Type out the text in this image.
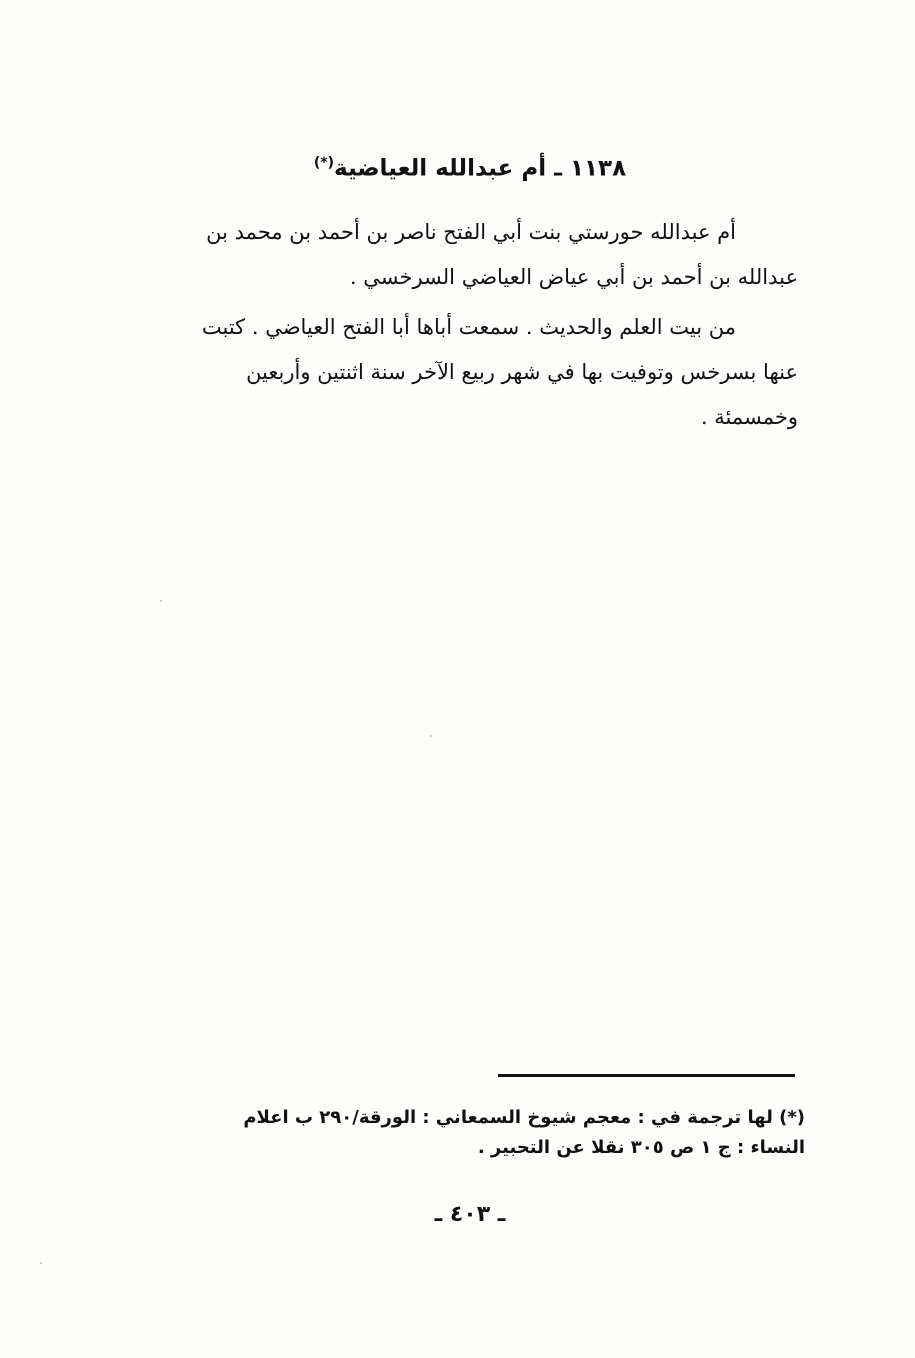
١١٣٨ ـ أم عبدالله العياضية(*)
أم عبدالله حورستي بنت أبي الفتح ناصر بن أحمد بن محمد بن
عبدالله بن أحمد بن أبي عياض العياضي السرخسي .
من بيت العلم والحديث . سمعت أباها أبا الفتح العياضي . كتبت
عنها بسرخس وتوفيت بها في شهر ربيع الآخر سنة اثنتين وأربعين
وخمسمئة .
(*) لها ترجمة في : معجم شيوخ السمعاني : الورقة/٢٩٠ ب اعلام
النساء : ج ١ ص ٣٠٥ نقلا عن التحبير .
ـ ٤٠٣ ـ
